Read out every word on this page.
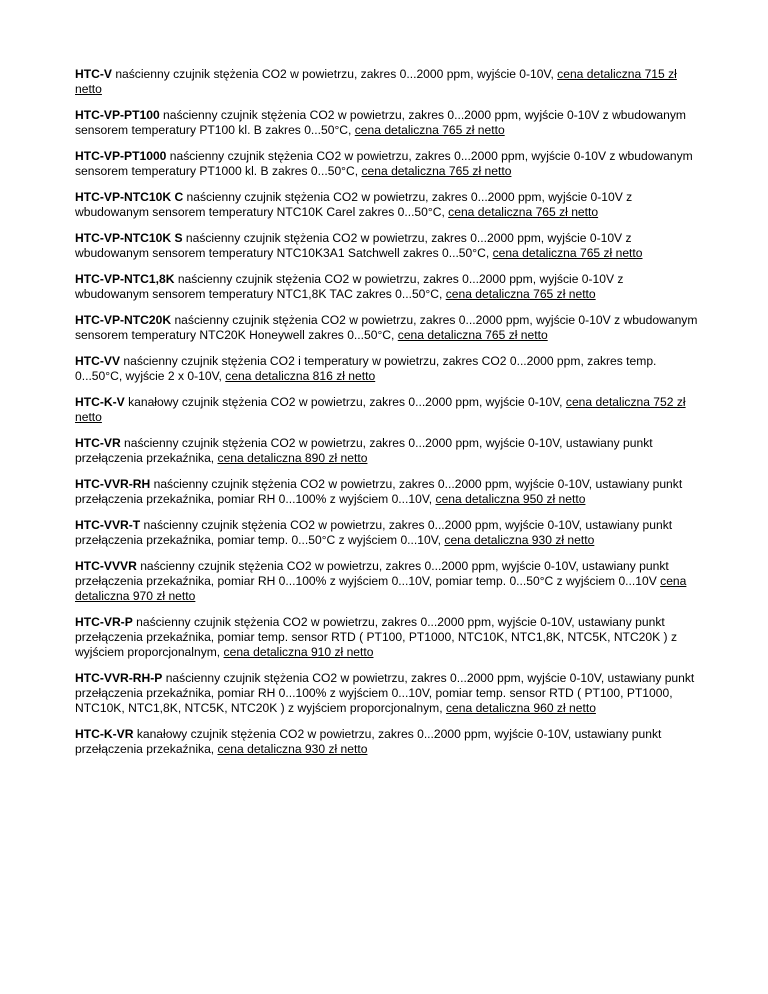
HTC-V naścienny czujnik stężenia CO2 w powietrzu, zakres 0...2000 ppm, wyjście 0-10V, cena detaliczna 715 zł netto

HTC-VP-PT100 naścienny czujnik stężenia CO2 w powietrzu, zakres 0...2000 ppm, wyjście 0-10V z wbudowanym sensorem temperatury PT100 kl. B zakres 0...50°C, cena detaliczna 765 zł netto

HTC-VP-PT1000 naścienny czujnik stężenia CO2 w powietrzu, zakres 0...2000 ppm, wyjście 0-10V z wbudowanym sensorem temperatury PT1000 kl. B zakres 0...50°C, cena detaliczna 765 zł netto

HTC-VP-NTC10K C naścienny czujnik stężenia CO2 w powietrzu, zakres 0...2000 ppm, wyjście 0-10V z wbudowanym sensorem temperatury NTC10K Carel zakres 0...50°C, cena detaliczna 765 zł netto

HTC-VP-NTC10K S naścienny czujnik stężenia CO2 w powietrzu, zakres 0...2000 ppm, wyjście 0-10V z wbudowanym sensorem temperatury NTC10K3A1 Satchwell zakres 0...50°C, cena detaliczna 765 zł netto

HTC-VP-NTC1,8K naścienny czujnik stężenia CO2 w powietrzu, zakres 0...2000 ppm, wyjście 0-10V z wbudowanym sensorem temperatury NTC1,8K TAC zakres 0...50°C, cena detaliczna 765 zł netto

HTC-VP-NTC20K naścienny czujnik stężenia CO2 w powietrzu, zakres 0...2000 ppm, wyjście 0-10V z wbudowanym sensorem temperatury NTC20K Honeywell zakres 0...50°C, cena detaliczna 765 zł netto

HTC-VV naścienny czujnik stężenia CO2 i temperatury w powietrzu, zakres CO2 0...2000 ppm, zakres temp. 0...50°C, wyjście 2 x 0-10V, cena detaliczna 816 zł netto

HTC-K-V kanałowy czujnik stężenia CO2 w powietrzu, zakres 0...2000 ppm, wyjście 0-10V, cena detaliczna 752 zł netto

HTC-VR naścienny czujnik stężenia CO2 w powietrzu, zakres 0...2000 ppm, wyjście 0-10V, ustawiany punkt przełączenia przekaźnika, cena detaliczna 890 zł netto

HTC-VVR-RH naścienny czujnik stężenia CO2 w powietrzu, zakres 0...2000 ppm, wyjście 0-10V, ustawiany punkt przełączenia przekaźnika, pomiar RH 0...100% z wyjściem 0...10V, cena detaliczna 950 zł netto

HTC-VVR-T naścienny czujnik stężenia CO2 w powietrzu, zakres 0...2000 ppm, wyjście 0-10V, ustawiany punkt przełączenia przekaźnika, pomiar temp. 0...50°C z wyjściem 0...10V, cena detaliczna 930 zł netto

HTC-VVVR naścienny czujnik stężenia CO2 w powietrzu, zakres 0...2000 ppm, wyjście 0-10V, ustawiany punkt przełączenia przekaźnika, pomiar RH 0...100% z wyjściem 0...10V, pomiar temp. 0...50°C z wyjściem 0...10V cena detaliczna 970 zł netto

HTC-VR-P naścienny czujnik stężenia CO2 w powietrzu, zakres 0...2000 ppm, wyjście 0-10V, ustawiany punkt przełączenia przekaźnika, pomiar temp. sensor RTD ( PT100, PT1000, NTC10K, NTC1,8K, NTC5K, NTC20K ) z wyjściem proporcjonalnym, cena detaliczna 910 zł netto

HTC-VVR-RH-P naścienny czujnik stężenia CO2 w powietrzu, zakres 0...2000 ppm, wyjście 0-10V, ustawiany punkt przełączenia przekaźnika, pomiar RH 0...100% z wyjściem 0...10V, pomiar temp. sensor RTD ( PT100, PT1000, NTC10K, NTC1,8K, NTC5K, NTC20K ) z wyjściem proporcjonalnym, cena detaliczna 960 zł netto

HTC-K-VR kanałowy czujnik stężenia CO2 w powietrzu, zakres 0...2000 ppm, wyjście 0-10V, ustawiany punkt przełączenia przekaźnika, cena detaliczna 930 zł netto
